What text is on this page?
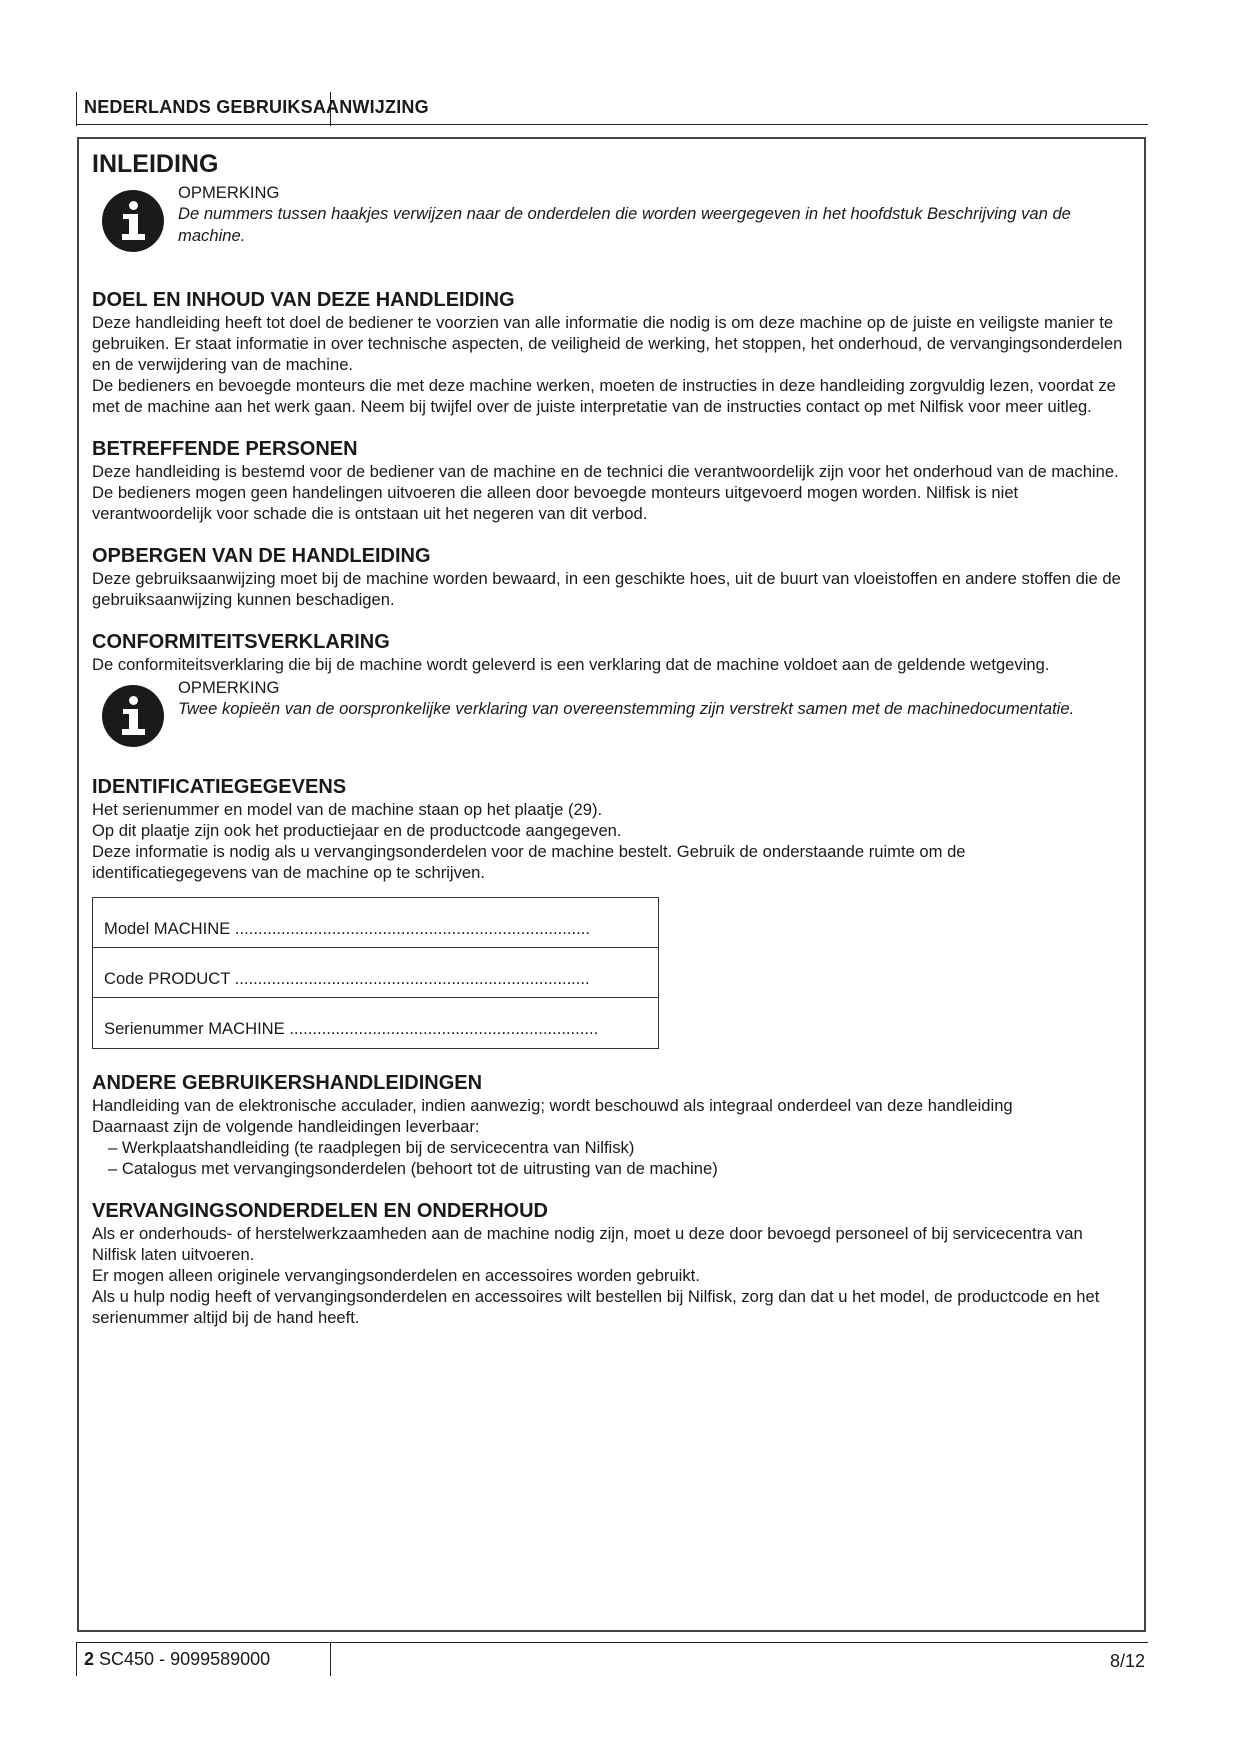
NEDERLANDS GEBRUIKSAANWIJZING
INLEIDING
OPMERKING
De nummers tussen haakjes verwijzen naar de onderdelen die worden weergegeven in het hoofdstuk Beschrijving van de machine.
DOEL EN INHOUD VAN DEZE HANDLEIDING

Deze handleiding heeft tot doel de bediener te voorzien van alle informatie die nodig is om deze machine op de juiste en veiligste manier te gebruiken. Er staat informatie in over technische aspecten, de veiligheid de werking, het stoppen, het onderhoud, de vervangingsonderdelen en de verwijdering van de machine.

De bedieners en bevoegde monteurs die met deze machine werken, moeten de instructies in deze handleiding zorgvuldig lezen, voordat ze met de machine aan het werk gaan. Neem bij twijfel over de juiste interpretatie van de instructies contact op met Nilfisk voor meer uitleg.

BETREFFENDE PERSONEN

Deze handleiding is bestemd voor de bediener van de machine en de technici die verantwoordelijk zijn voor het onderhoud van de machine.

De bedieners mogen geen handelingen uitvoeren die alleen door bevoegde monteurs uitgevoerd mogen worden. Nilfisk is niet verantwoordelijk voor schade die is ontstaan uit het negeren van dit verbod.

OPBERGEN VAN DE HANDLEIDING

Deze gebruiksaanwijzing moet bij de machine worden bewaard, in een geschikte hoes, uit de buurt van vloeistoffen en andere stoffen die de gebruiksaanwijzing kunnen beschadigen.

CONFORMITEITSVERKLARING

De conformiteitsverklaring die bij de machine wordt geleverd is een verklaring dat de machine voldoet aan de geldende wetgeving.

OPMERKING
Twee kopieën van de oorspronkelijke verklaring van overeenstemming zijn verstrekt samen met de machinedocumentatie.
IDENTIFICATIEGEGEVENS

Het serienummer en model van de machine staan op het plaatje (29).

Op dit plaatje zijn ook het productiejaar en de productcode aangegeven.

Deze informatie is nodig als u vervangingsonderdelen voor de machine bestelt. Gebruik de onderstaande ruimte om de identificatiegegevens van de machine op te schrijven.

Model MACHINE .............................................................................
Code PRODUCT .............................................................................
Serienummer MACHINE ...................................................................
ANDERE GEBRUIKERSHANDLEIDINGEN

Handleiding van de elektronische acculader, indien aanwezig; wordt beschouwd als integraal onderdeel van deze handleiding

Daarnaast zijn de volgende handleidingen leverbaar:

– Werkplaatshandleiding (te raadplegen bij de servicecentra van Nilfisk)

– Catalogus met vervangingsonderdelen (behoort tot de uitrusting van de machine)

VERVANGINGSONDERDELEN EN ONDERHOUD

Als er onderhouds- of herstelwerkzaamheden aan de machine nodig zijn, moet u deze door bevoegd personeel of bij servicecentra van Nilfisk laten uitvoeren.

Er mogen alleen originele vervangingsonderdelen en accessoires worden gebruikt.

Als u hulp nodig heeft of vervangingsonderdelen en accessoires wilt bestellen bij Nilfisk, zorg dan dat u het model, de productcode en het serienummer altijd bij de hand heeft.

2 SC450 - 9099589000	8/12
